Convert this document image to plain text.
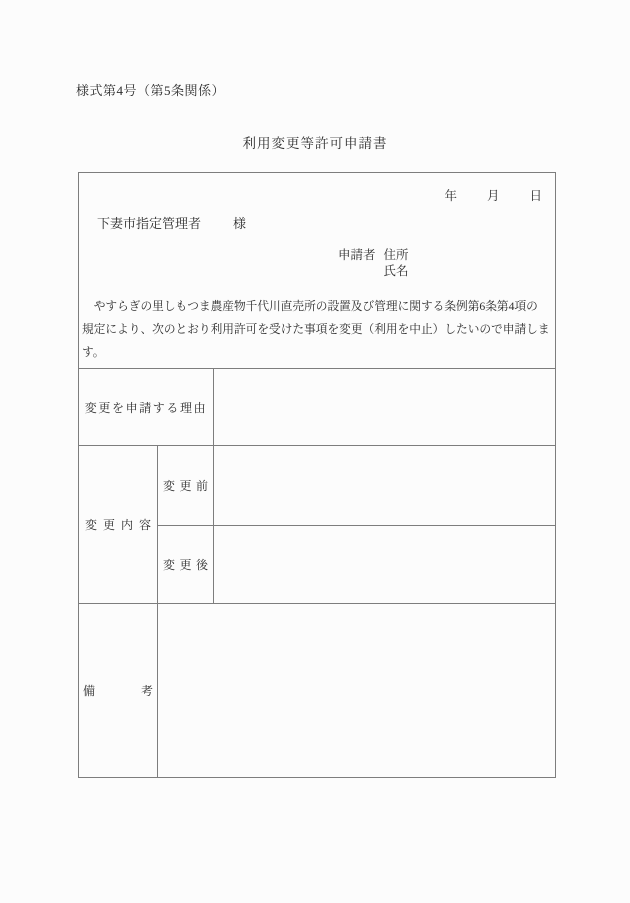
様式第4号（第5条関係）
利用変更等許可申請書
年 月 日
下妻市指定管理者 様
申請者 住所
氏名
　やすらぎの里しもつま農産物千代川直売所の設置及び管理に関する条例第6条第4項の
規定により、次のとおり利用許可を受けた事項を変更（利用を中止）したいので申請しま
す。
変更を申請する理由
変更内容
変更前
変更後
備考
